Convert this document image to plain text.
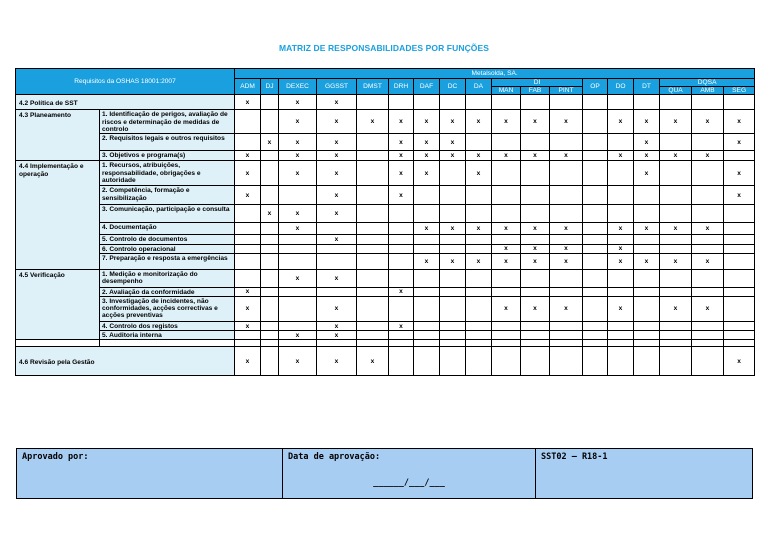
MATRIZ DE RESPONSABILIDADES POR FUNÇÕES
Requisitos da OSHAS 18001:2007		Metalsolda, SA.																	
		ADM	DJ	DEXEC	GGSST	DMST	DRH	DAF	DC	DA	DI			OP	DO	DT	DQSA		
											MAN	FAB	PINT				QUA	AMB	SEG
4.2 Política de SST		x		x	x														
4.3 Planeamento	1. Identificação de perigos, avaliação de riscos e determinação de medidas de controlo			x	x	x	x	x	x	x	x	x	x		x	x	x	x	x
	2. Requisitos legais e outros requisitos		x	x	x		x	x	x							x			x
	3. Objetivos e programa(s)	x		x	x		x	x	x	x	x	x	x		x	x	x	x	
4.4 Implementação e operação	1. Recursos, atribuições, responsabilidade, obrigações e autoridade	x		x	x		x	x		x						x			x
	2. Competência, formação e sensibilização	x			x		x												x
	3. Comunicação, participação e consulta		x	x	x														
	4. Documentação			x				x	x	x	x	x	x		x	x	x	x	
	5. Controlo de documentos				x														
	6. Controlo operacional										x	x	x		x				
	7. Preparação e resposta a emergências							x	x	x	x	x	x		x	x	x	x	
4.5 Verificação	1. Medição e monitorização do desempenho			x	x														
	2. Avaliação da conformidade	x					x												
	3. Investigação de incidentes, não conformidades, acções correctivas e acções preventivas	x			x						x	x	x		x		x	x	
	4. Controlo dos registos	x			x		x												
	5. Auditoria interna			x	x														

4.6 Revisão pela Gestão		x		x	x	x													x
Aprovado por:	Data de aprovação:
______/___/___
	SST02 – R18-1
